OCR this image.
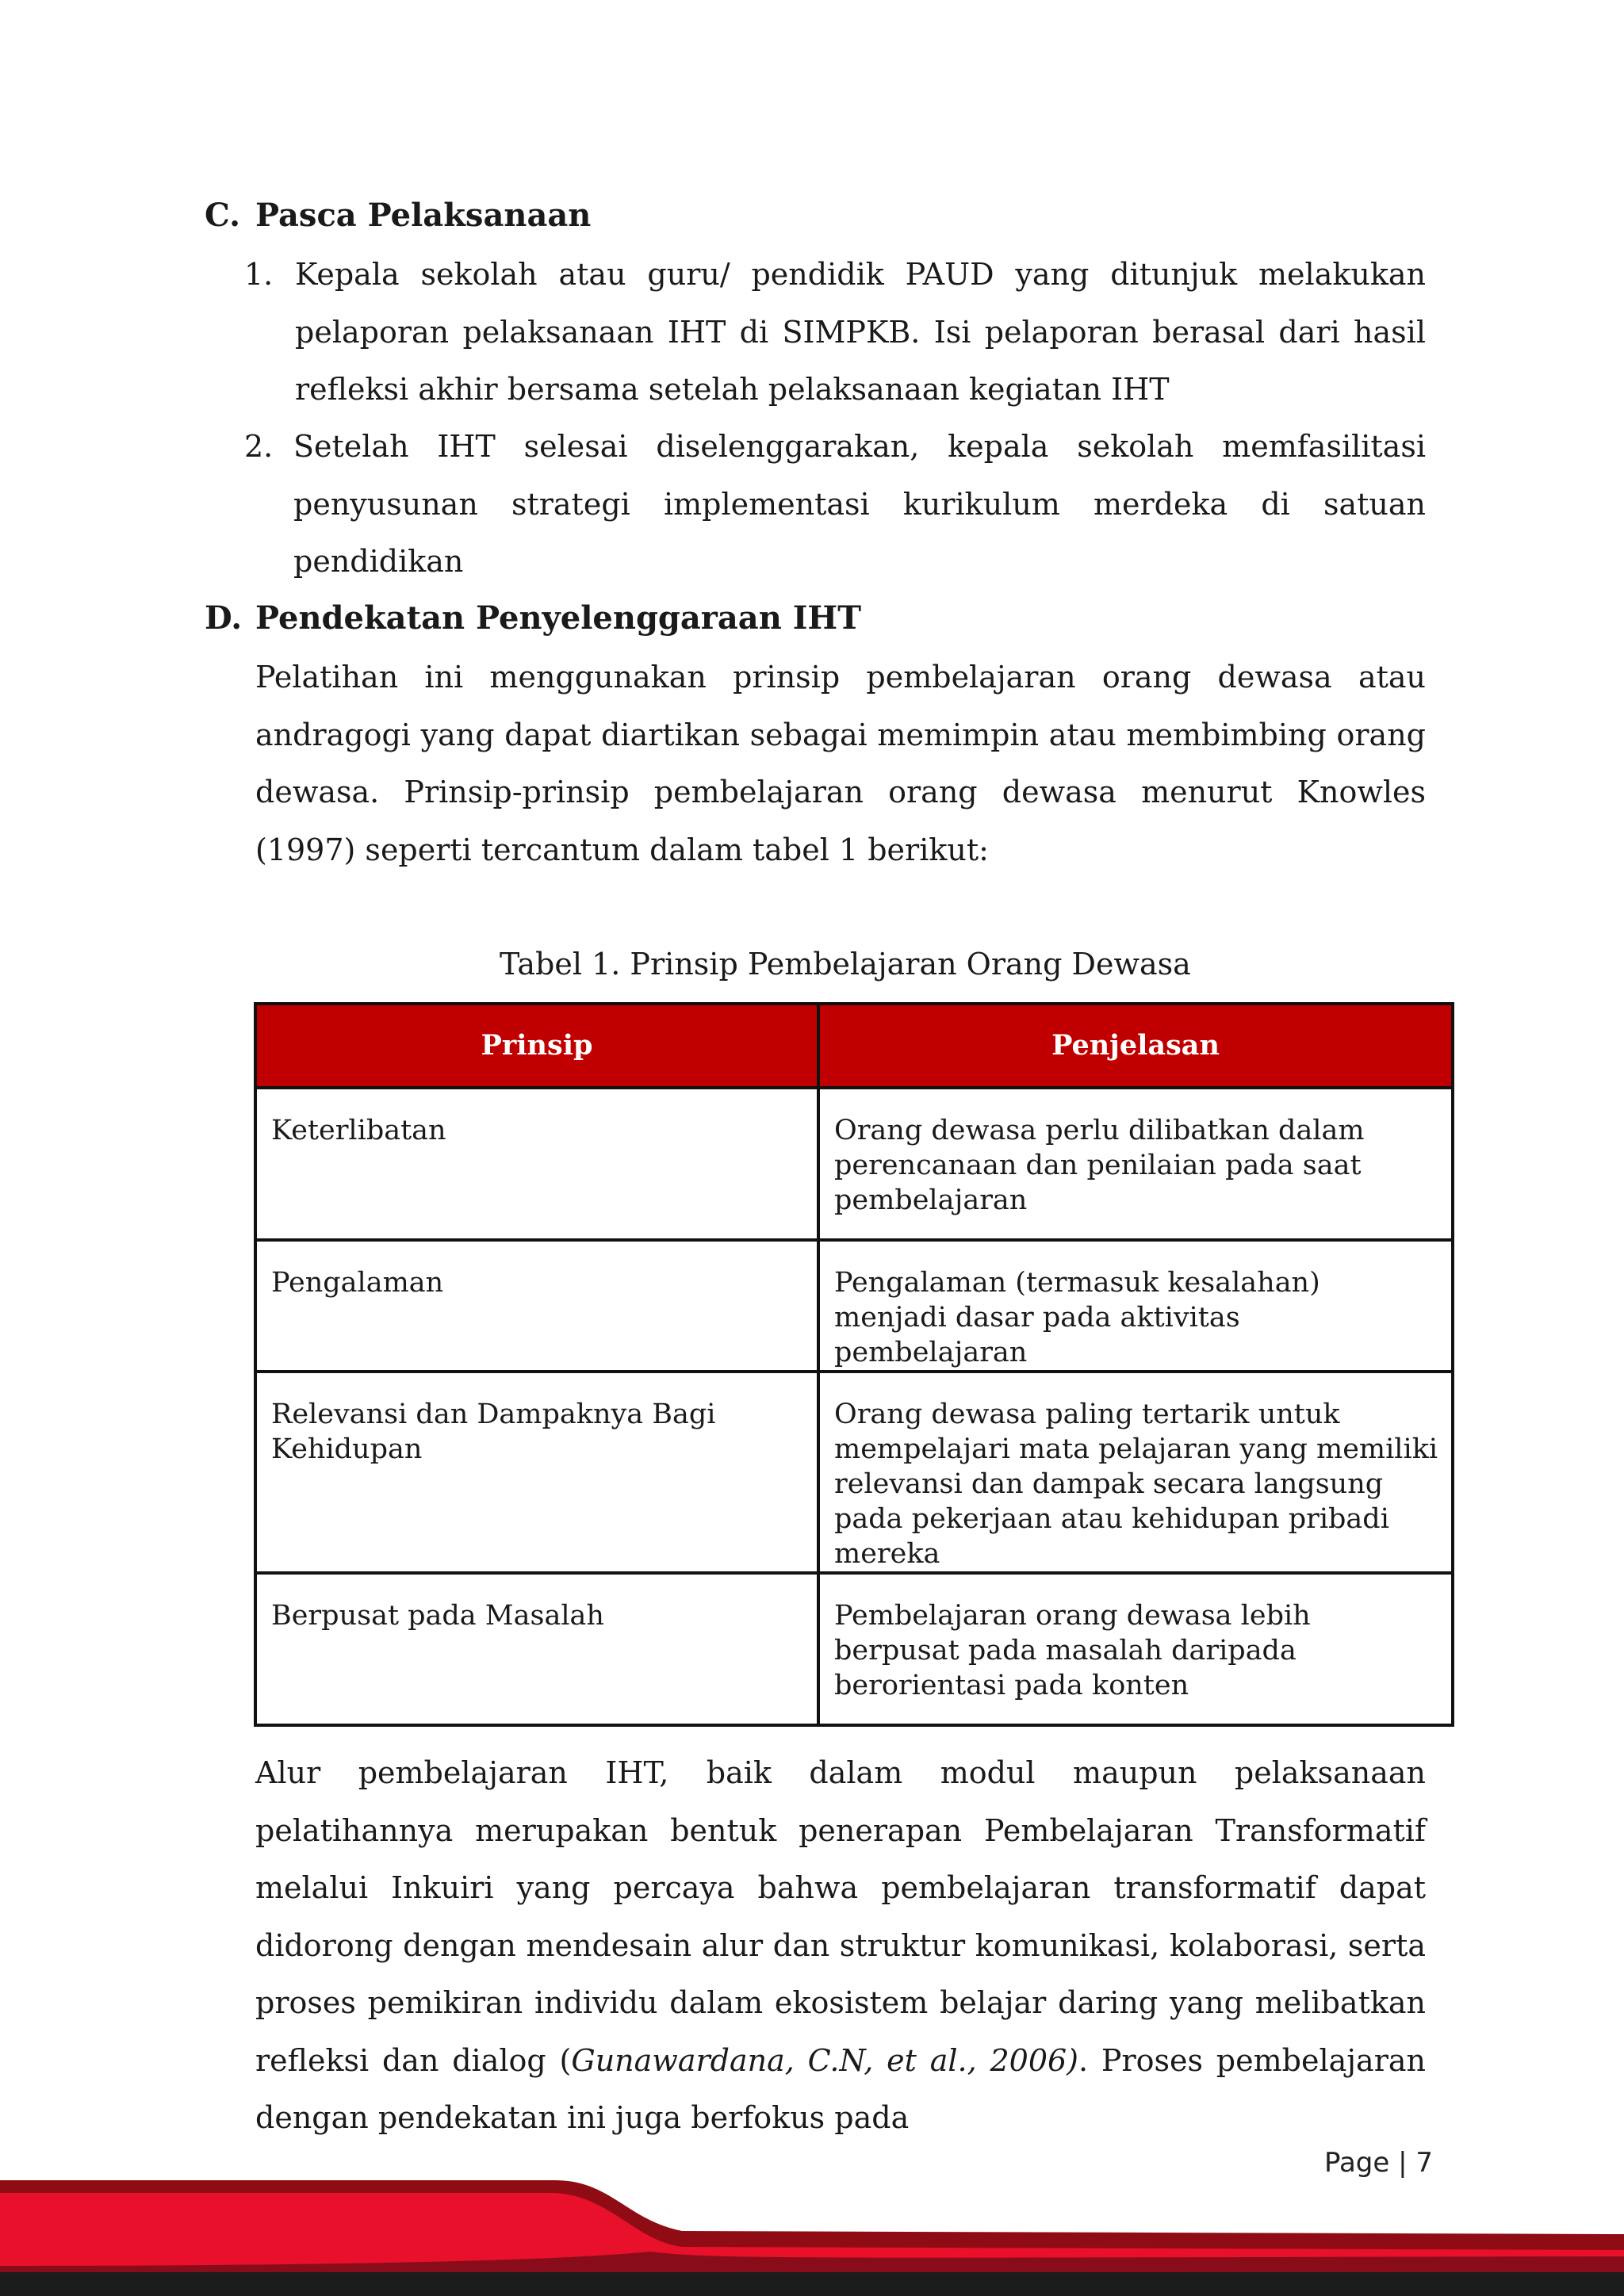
C. Pasca Pelaksanaan
1. Kepala sekolah atau guru/ pendidik PAUD yang ditunjuk melakukan pelaporan pelaksanaan IHT di SIMPKB. Isi pelaporan berasal dari hasil refleksi akhir bersama setelah pelaksanaan kegiatan IHT
2. Setelah IHT selesai diselenggarakan, kepala sekolah memfasilitasi penyusunan strategi implementasi kurikulum merdeka di satuan pendidikan
D. Pendekatan Penyelenggaraan IHT

Pelatihan ini menggunakan prinsip pembelajaran orang dewasa atau andragogi yang dapat diartikan sebagai memimpin atau membimbing orang dewasa. Prinsip-prinsip pembelajaran orang dewasa menurut Knowles (1997) seperti tercantum dalam tabel 1 berikut:

Tabel 1. Prinsip Pembelajaran Orang Dewasa
Prinsip	Penjelasan
Keterlibatan	Orang dewasa perlu dilibatkan dalam perencanaan dan penilaian pada saat pembelajaran
Pengalaman	Pengalaman (termasuk kesalahan) menjadi dasar pada aktivitas pembelajaran
Relevansi dan Dampaknya Bagi Kehidupan	Orang dewasa paling tertarik untuk mempelajari mata pelajaran yang memiliki relevansi dan dampak secara langsung pada pekerjaan atau kehidupan pribadi mereka
Berpusat pada Masalah	Pembelajaran orang dewasa lebih berpusat pada masalah daripada berorientasi pada konten

Alur pembelajaran IHT, baik dalam modul maupun pelaksanaan pelatihannya merupakan bentuk penerapan Pembelajaran Transformatif melalui Inkuiri yang percaya bahwa pembelajaran transformatif dapat didorong dengan mendesain alur dan struktur komunikasi, kolaborasi, serta proses pemikiran individu dalam ekosistem belajar daring yang melibatkan refleksi dan dialog (Gunawardana, C.N, et al., 2006). Proses pembelajaran dengan pendekatan ini juga berfokus pada

Page | 7
